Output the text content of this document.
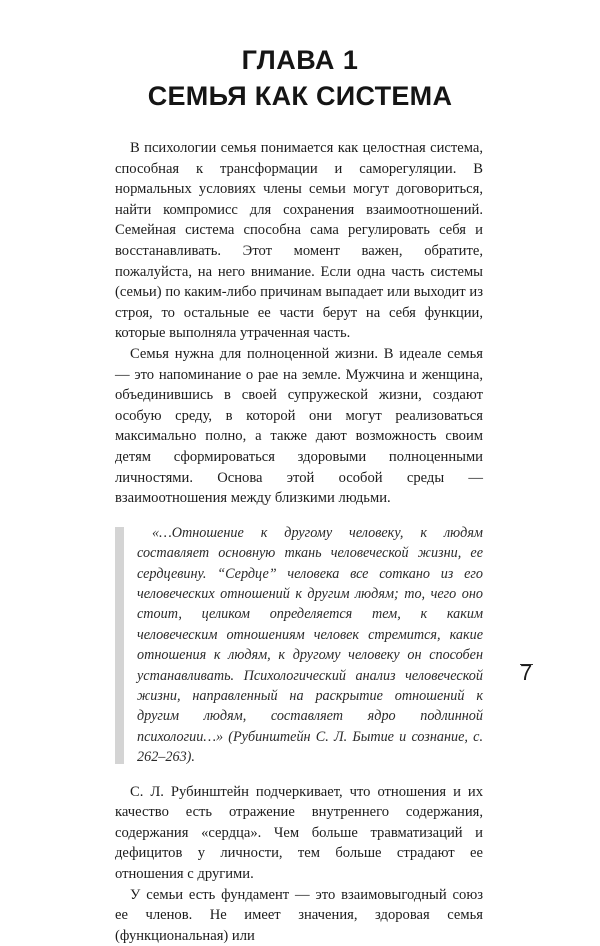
ГЛАВА 1
СЕМЬЯ КАК СИСТЕМА

В психологии семья понимается как целостная система, способная к трансформации и саморегуляции. В нормальных условиях члены семьи могут договориться, найти компромисс для сохранения взаимоотношений. Семейная система способна сама регулировать себя и восстанавливать. Этот момент важен, обратите, пожалуйста, на него внимание. Если одна часть системы (семьи) по каким-либо причинам выпадает или выходит из строя, то остальные ее части берут на себя функции, которые выполняла утраченная часть.

Семья нужна для полноценной жизни. В идеале семья — это напоминание о рае на земле. Мужчина и женщина, объединившись в своей супружеской жизни, создают особую среду, в которой они могут реализоваться максимально полно, а также дают возможность своим детям сформироваться здоровыми полноценными личностями. Основа этой особой среды — взаимоотношения между близкими людьми.

«…Отношение к другому человеку, к людям составляет основную ткань человеческой жизни, ее сердцевину. “Сердце” человека все соткано из его человеческих отношений к другим людям; то, чего оно стоит, целиком определяется тем, к каким человеческим отношениям человек стремится, какие отношения к людям, к другому человеку он способен устанавливать. Психологический анализ человеческой жизни, направленный на раскрытие отношений к другим людям, составляет ядро подлинной психологии…» (Рубинштейн С. Л. Бытие и сознание, с. 262–263).

С. Л. Рубинштейн подчеркивает, что отношения и их качество есть отражение внутреннего содержания, содержания «сердца». Чем больше травматизаций и дефицитов у личности, тем больше страдают ее отношения с другими.

У семьи есть фундамент — это взаимовыгодный союз ее членов. Не имеет значения, здоровая семья (функциональная) или

7
